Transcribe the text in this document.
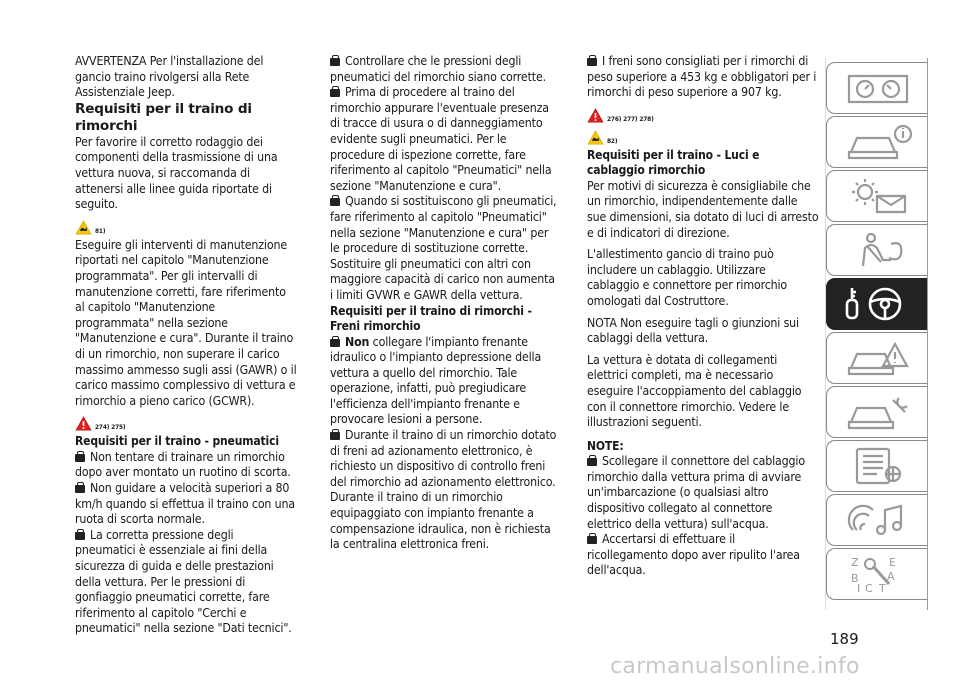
AVVERTENZA Per l'installazione del gancio traino rivolgersi alla Rete Assistenziale Jeep.

Requisiti per il traino di rimorchi

Per favorire il corretto rodaggio dei componenti della trasmissione di una vettura nuova, si raccomanda di attenersi alle linee guida riportate di seguito.

81)

Eseguire gli interventi di manutenzione riportati nel capitolo "Manutenzione programmata". Per gli intervalli di manutenzione corretti, fare riferimento al capitolo "Manutenzione programmata" nella sezione "Manutenzione e cura". Durante il traino di un rimorchio, non superare il carico massimo ammesso sugli assi (GAWR) o il carico massimo complessivo di vettura e rimorchio a pieno carico (GCWR).

274) 275)

Requisiti per il traino - pneumatici

Non tentare di trainare un rimorchio dopo aver montato un ruotino di scorta.

Non guidare a velocità superiori a 80 km/h quando si effettua il traino con una ruota di scorta normale.

La corretta pressione degli pneumatici è essenziale ai fini della sicurezza di guida e delle prestazioni della vettura. Per le pressioni di gonfiaggio pneumatici corrette, fare riferimento al capitolo "Cerchi e pneumatici" nella sezione "Dati tecnici".

Controllare che le pressioni degli pneumatici del rimorchio siano corrette.

Prima di procedere al traino del rimorchio appurare l'eventuale presenza di tracce di usura o di danneggiamento evidente sugli pneumatici. Per le procedure di ispezione corrette, fare riferimento al capitolo "Pneumatici" nella sezione "Manutenzione e cura".

Quando si sostituiscono gli pneumatici, fare riferimento al capitolo "Pneumatici" nella sezione "Manutenzione e cura" per le procedure di sostituzione corrette. Sostituire gli pneumatici con altri con maggiore capacità di carico non aumenta i limiti GVWR e GAWR della vettura.

Requisiti per il traino di rimorchi - Freni rimorchio

Non collegare l'impianto frenante idraulico o l'impianto depressione della vettura a quello del rimorchio. Tale operazione, infatti, può pregiudicare l'efficienza dell'impianto frenante e provocare lesioni a persone.

Durante il traino di un rimorchio dotato di freni ad azionamento elettronico, è richiesto un dispositivo di controllo freni del rimorchio ad azionamento elettronico. Durante il traino di un rimorchio equipaggiato con impianto frenante a compensazione idraulica, non è richiesta la centralina elettronica freni.

I freni sono consigliati per i rimorchi di peso superiore a 453 kg e obbligatori per i rimorchi di peso superiore a 907 kg.

276) 277) 278)
82)

Requisiti per il traino - Luci e cablaggio rimorchio

Per motivi di sicurezza è consigliabile che un rimorchio, indipendentemente dalle sue dimensioni, sia dotato di luci di arresto e di indicatori di direzione.

L'allestimento gancio di traino può includere un cablaggio. Utilizzare cablaggio e connettore per rimorchio omologati dal Costruttore.

NOTA Non eseguire tagli o giunzioni sui cablaggi della vettura.

La vettura è dotata di collegamenti elettrici completi, ma è necessario eseguire l'accoppiamento del cablaggio con il connettore rimorchio. Vedere le illustrazioni seguenti.

NOTE:

Scollegare il connettore del cablaggio rimorchio dalla vettura prima di avviare un'imbarcazione (o qualsiasi altro dispositivo collegato al connettore elettrico della vettura) sull'acqua.

Accertarsi di effettuare il ricollegamento dopo aver ripulito l'area dell'acqua.

Z	E
B	A
I C T
189
carmanualsonline.info
